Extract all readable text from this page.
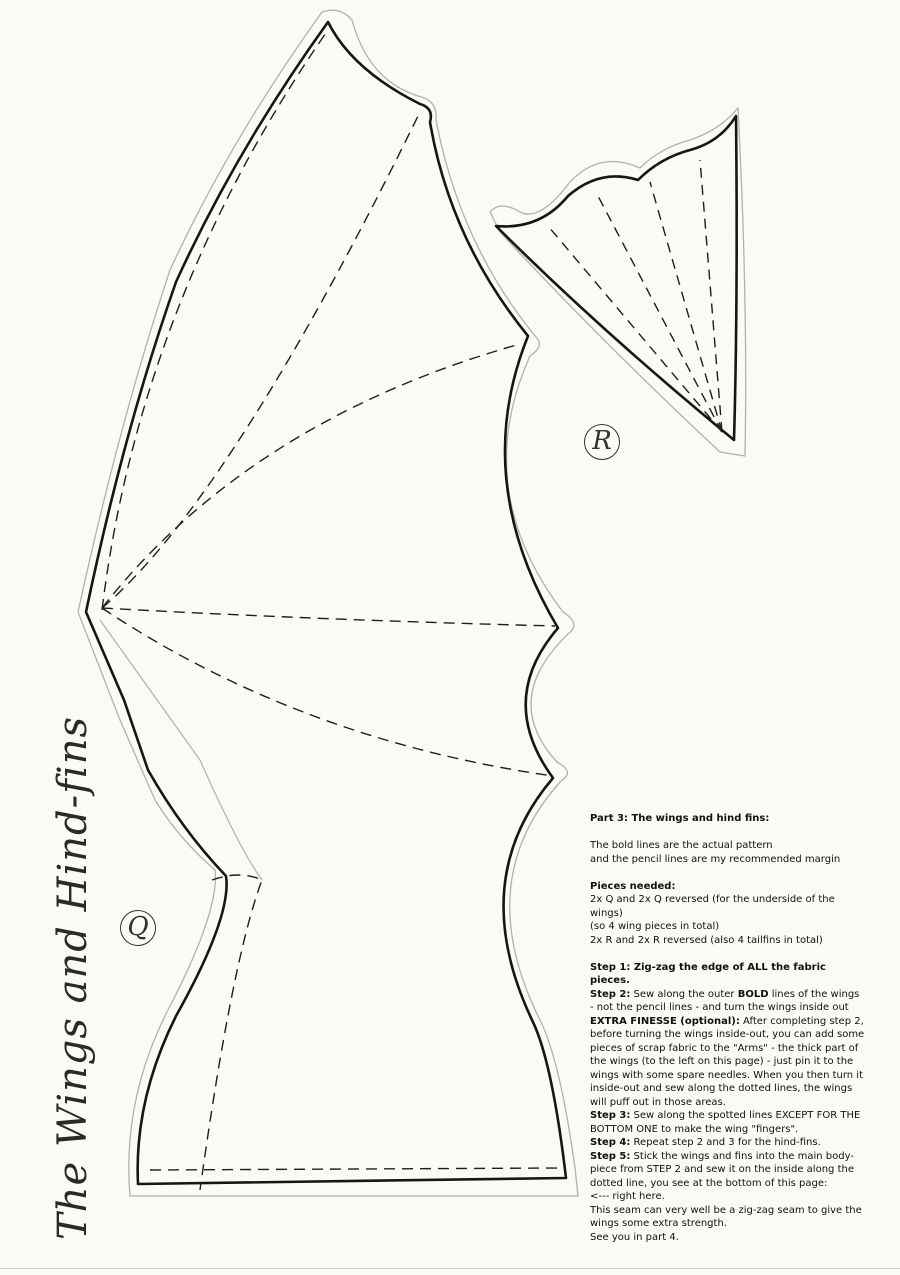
The Wings and Hind-fins Q
R

Part 3: The wings and hind fins:

The bold lines are the actual pattern

and the pencil lines are my recommended margin

Pieces needed:

2x Q and 2x Q reversed (for the underside of the wings)

(so 4 wing pieces in total)

2x R and 2x R reversed (also 4 tailfins in total)

Step 1: Zig-zag the edge of ALL the fabric pieces.

Step 2: Sew along the outer BOLD lines of the wings - not the pencil lines - and turn the wings inside out

EXTRA FINESSE (optional): After completing step 2, before turning the wings inside-out, you can add some pieces of scrap fabric to the "Arms" - the thick part of the wings (to the left on this page) - just pin it to the wings with some spare needles. When you then turn it inside-out and sew along the dotted lines, the wings will puff out in those areas.

Step 3: Sew along the spotted lines EXCEPT FOR THE BOTTOM ONE to make the wing "fingers".

Step 4: Repeat step 2 and 3 for the hind-fins.

Step 5: Stick the wings and fins into the main body-piece from STEP 2 and sew it on the inside along the dotted line, you see at the bottom of this page:

<--- right here.

This seam can very well be a zig-zag seam to give the wings some extra strength.

See you in part 4.
